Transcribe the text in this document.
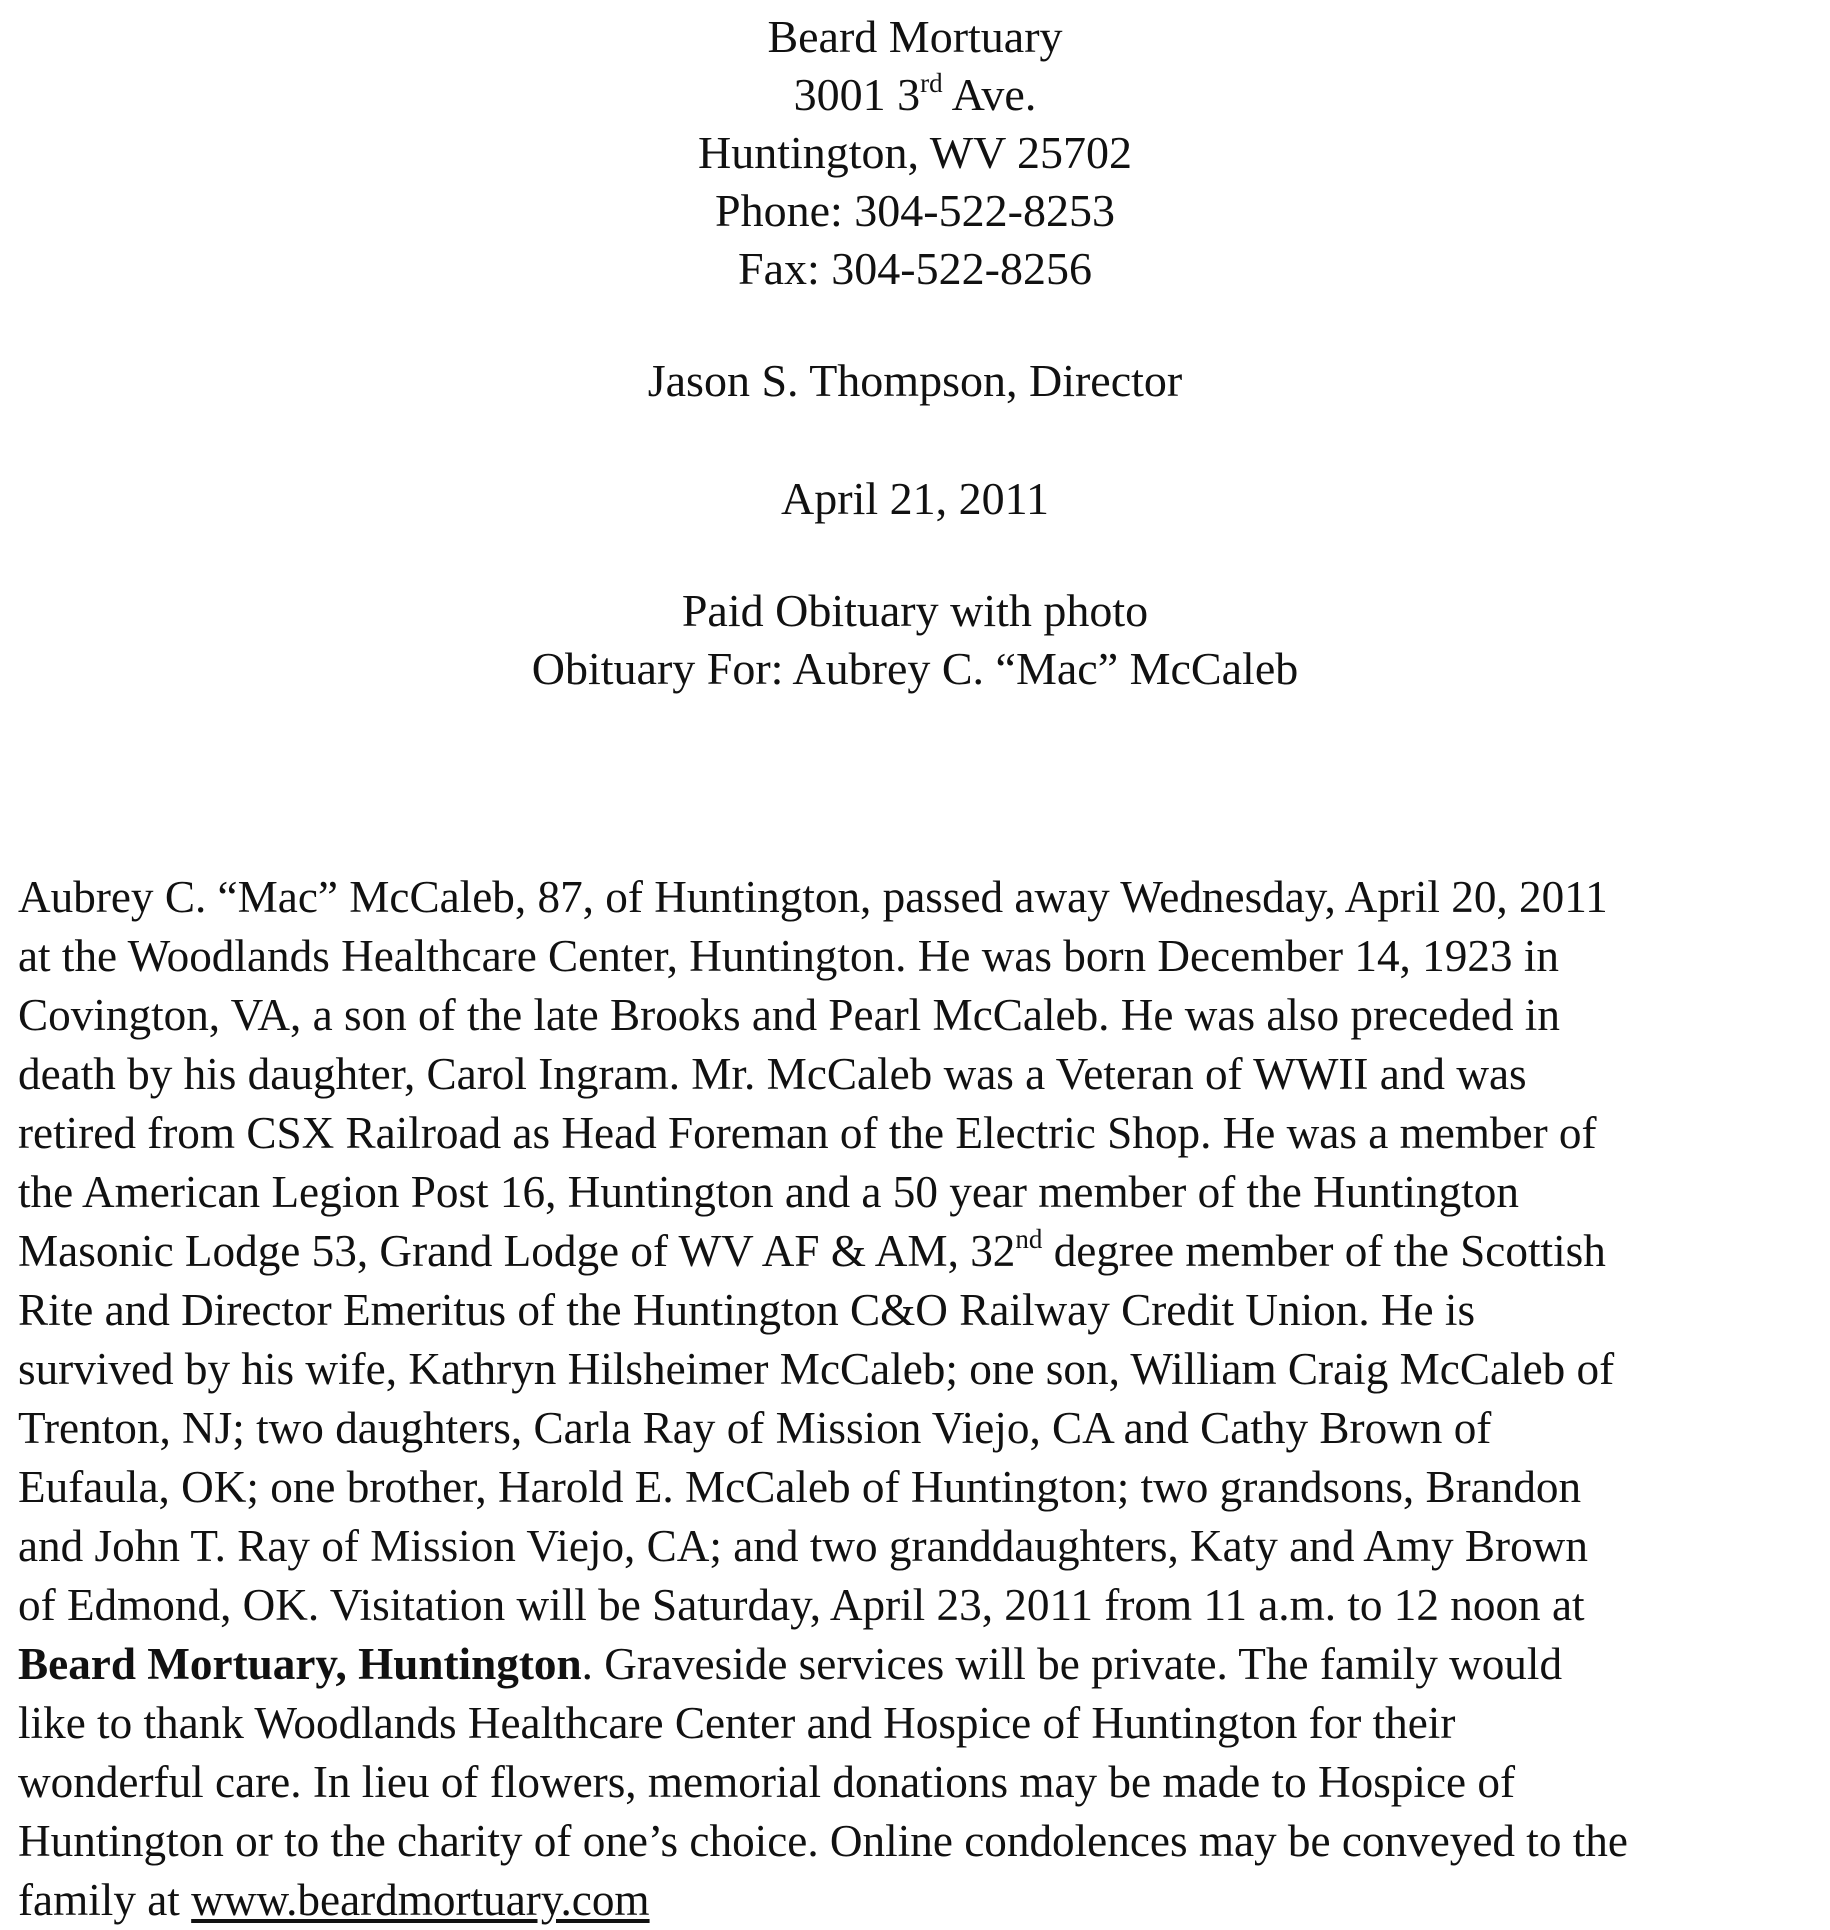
Beard Mortuary
3001 3rd Ave.
Huntington, WV 25702
Phone: 304-522-8253
Fax: 304-522-8256
Jason S. Thompson, Director
April 21, 2011
Paid Obituary with photo
Obituary For: Aubrey C. “Mac” McCaleb
Aubrey C. “Mac” McCaleb, 87, of Huntington, passed away Wednesday, April 20, 2011
at the Woodlands Healthcare Center, Huntington. He was born December 14, 1923 in
Covington, VA, a son of the late Brooks and Pearl McCaleb. He was also preceded in
death by his daughter, Carol Ingram. Mr. McCaleb was a Veteran of WWII and was
retired from CSX Railroad as Head Foreman of the Electric Shop. He was a member of
the American Legion Post 16, Huntington and a 50 year member of the Huntington
Masonic Lodge 53, Grand Lodge of WV AF & AM, 32nd degree member of the Scottish
Rite and Director Emeritus of the Huntington C&O Railway Credit Union. He is
survived by his wife, Kathryn Hilsheimer McCaleb; one son, William Craig McCaleb of
Trenton, NJ; two daughters, Carla Ray of Mission Viejo, CA and Cathy Brown of
Eufaula, OK; one brother, Harold E. McCaleb of Huntington; two grandsons, Brandon
and John T. Ray of Mission Viejo, CA; and two granddaughters, Katy and Amy Brown
of Edmond, OK. Visitation will be Saturday, April 23, 2011 from 11 a.m. to 12 noon at
Beard Mortuary, Huntington. Graveside services will be private. The family would
like to thank Woodlands Healthcare Center and Hospice of Huntington for their
wonderful care. In lieu of flowers, memorial donations may be made to Hospice of
Huntington or to the charity of one’s choice. Online condolences may be conveyed to the
family at www.beardmortuary.com
